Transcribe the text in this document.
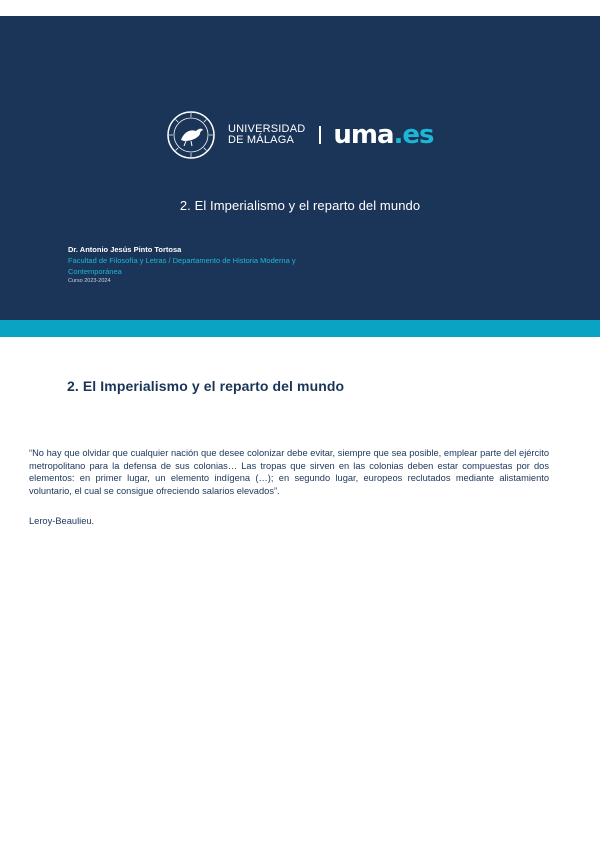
UNIVERSIDAD
DE MÁLAGA	uma.es
2. El Imperialismo y el reparto del mundo
Dr. Antonio Jesús Pinto Tortosa
Facultad de Filosofía y Letras / Departamento de Historia Moderna y Contemporánea
Curso 2023-2024
2. El Imperialismo y el reparto del mundo
“No hay que olvidar que cualquier nación que desee colonizar debe evitar, siempre que sea posible, emplear parte del ejército metropolitano para la defensa de sus colonias… Las tropas que sirven en las colonias deben estar compuestas por dos elementos: en primer lugar, un elemento indígena (…); en segundo lugar, europeos reclutados mediante alistamiento voluntario, el cual se consigue ofreciendo salarios elevados”.
Leroy-Beaulieu.
